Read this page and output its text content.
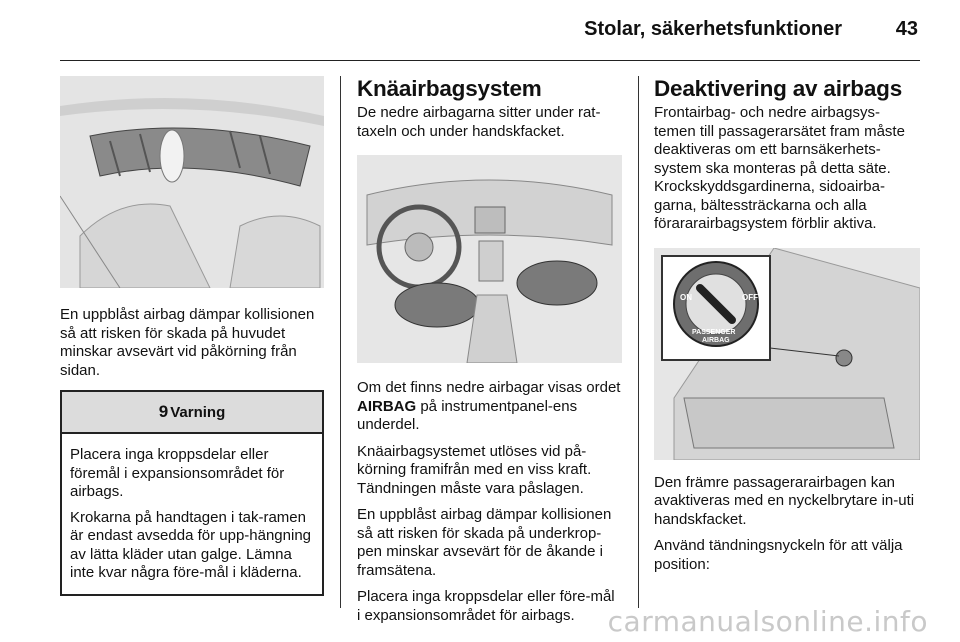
Stolar, säkerhetsfunktioner	43

En uppblåst airbag dämpar kollisionen så att risken för skada på huvudet minskar avsevärt vid påkörning från sidan.

9 Varning

Placera inga kroppsdelar eller föremål i expansionsområdet för airbags.

Krokarna på handtagen i tak-ramen är endast avsedda för upp-hängning av lätta kläder utan galge. Lämna inte kvar några före-mål i kläderna.

Knäairbagsystem

De nedre airbagarna sitter under rat-taxeln och under handskfacket.

Om det finns nedre airbagar visas ordet AIRBAG på instrumentpanel-ens underdel.

Knäairbagsystemet utlöses vid på-körning framifrån med en viss kraft. Tändningen måste vara påslagen.

En uppblåst airbag dämpar kollisionen så att risken för skada på underkrop-pen minskar avsevärt för de åkande i framsätena.

Placera inga kroppsdelar eller före-mål i expansionsområdet för airbags.

Deaktivering av airbags

Frontairbag- och nedre airbagsys-temen till passagerarsätet fram måste deaktiveras om ett barnsäkerhets-system ska monteras på detta säte. Krockskyddsgardinerna, sidoairba-garna, bältessträckarna och alla förararairbagsystem förblir aktiva.

ON	OFF
PASSENGER
AIRBAG

Den främre passagerarairbagen kan avaktiveras med en nyckelbrytare in-uti handskfacket.

Använd tändningsnyckeln för att välja position:

carmanualsonline.info
